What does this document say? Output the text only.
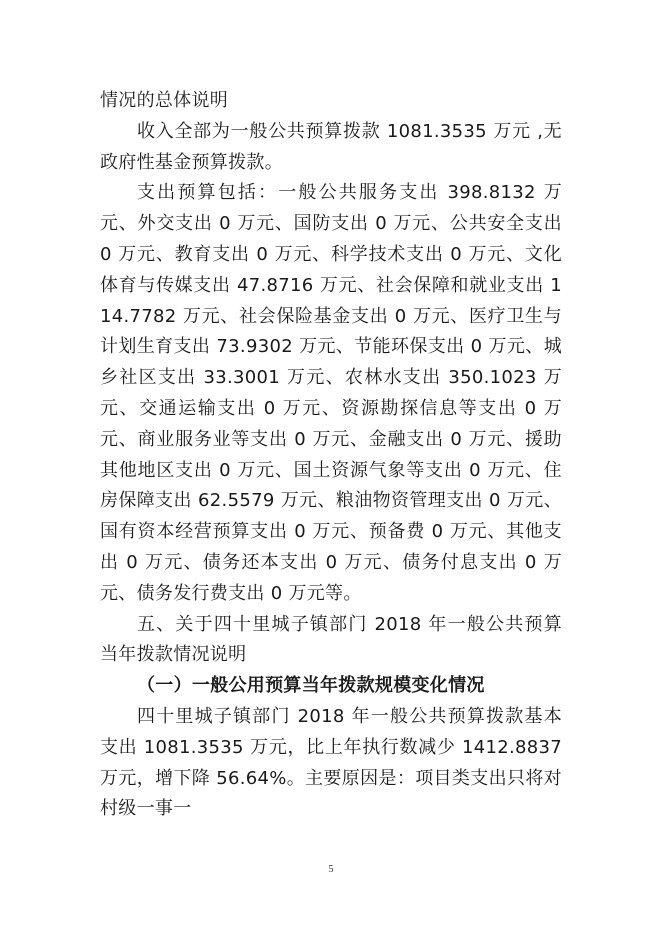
情况的总体说明

收入全部为一般公共预算拨款 1081.3535 万元 ,无政府性基金预算拨款。

支出预算包括：一般公共服务支出 398.8132 万元、外交支出 0 万元、国防支出 0 万元、公共安全支出 0 万元、教育支出 0 万元、科学技术支出 0 万元、文化体育与传媒支出 47.8716 万元、社会保障和就业支出 114.7782 万元、社会保险基金支出 0 万元、医疗卫生与计划生育支出 73.9302 万元、节能环保支出 0 万元、城乡社区支出 33.3001 万元、农林水支出 350.1023 万元、交通运输支出 0 万元、资源勘探信息等支出 0 万元、商业服务业等支出 0 万元、金融支出 0 万元、援助其他地区支出 0 万元、国土资源气象等支出 0 万元、住房保障支出 62.5579 万元、粮油物资管理支出 0 万元、国有资本经营预算支出 0 万元、预备费 0 万元、其他支出 0 万元、债务还本支出 0 万元、债务付息支出 0 万元、债务发行费支出 0 万元等。

五、关于四十里城子镇部门 2018 年一般公共预算当年拨款情况说明

（一）一般公用预算当年拨款规模变化情况

四十里城子镇部门 2018 年一般公共预算拨款基本支出 1081.3535 万元，比上年执行数减少 1412.8837 万元，增下降 56.64%。主要原因是：项目类支出只将对村级一事一

5
